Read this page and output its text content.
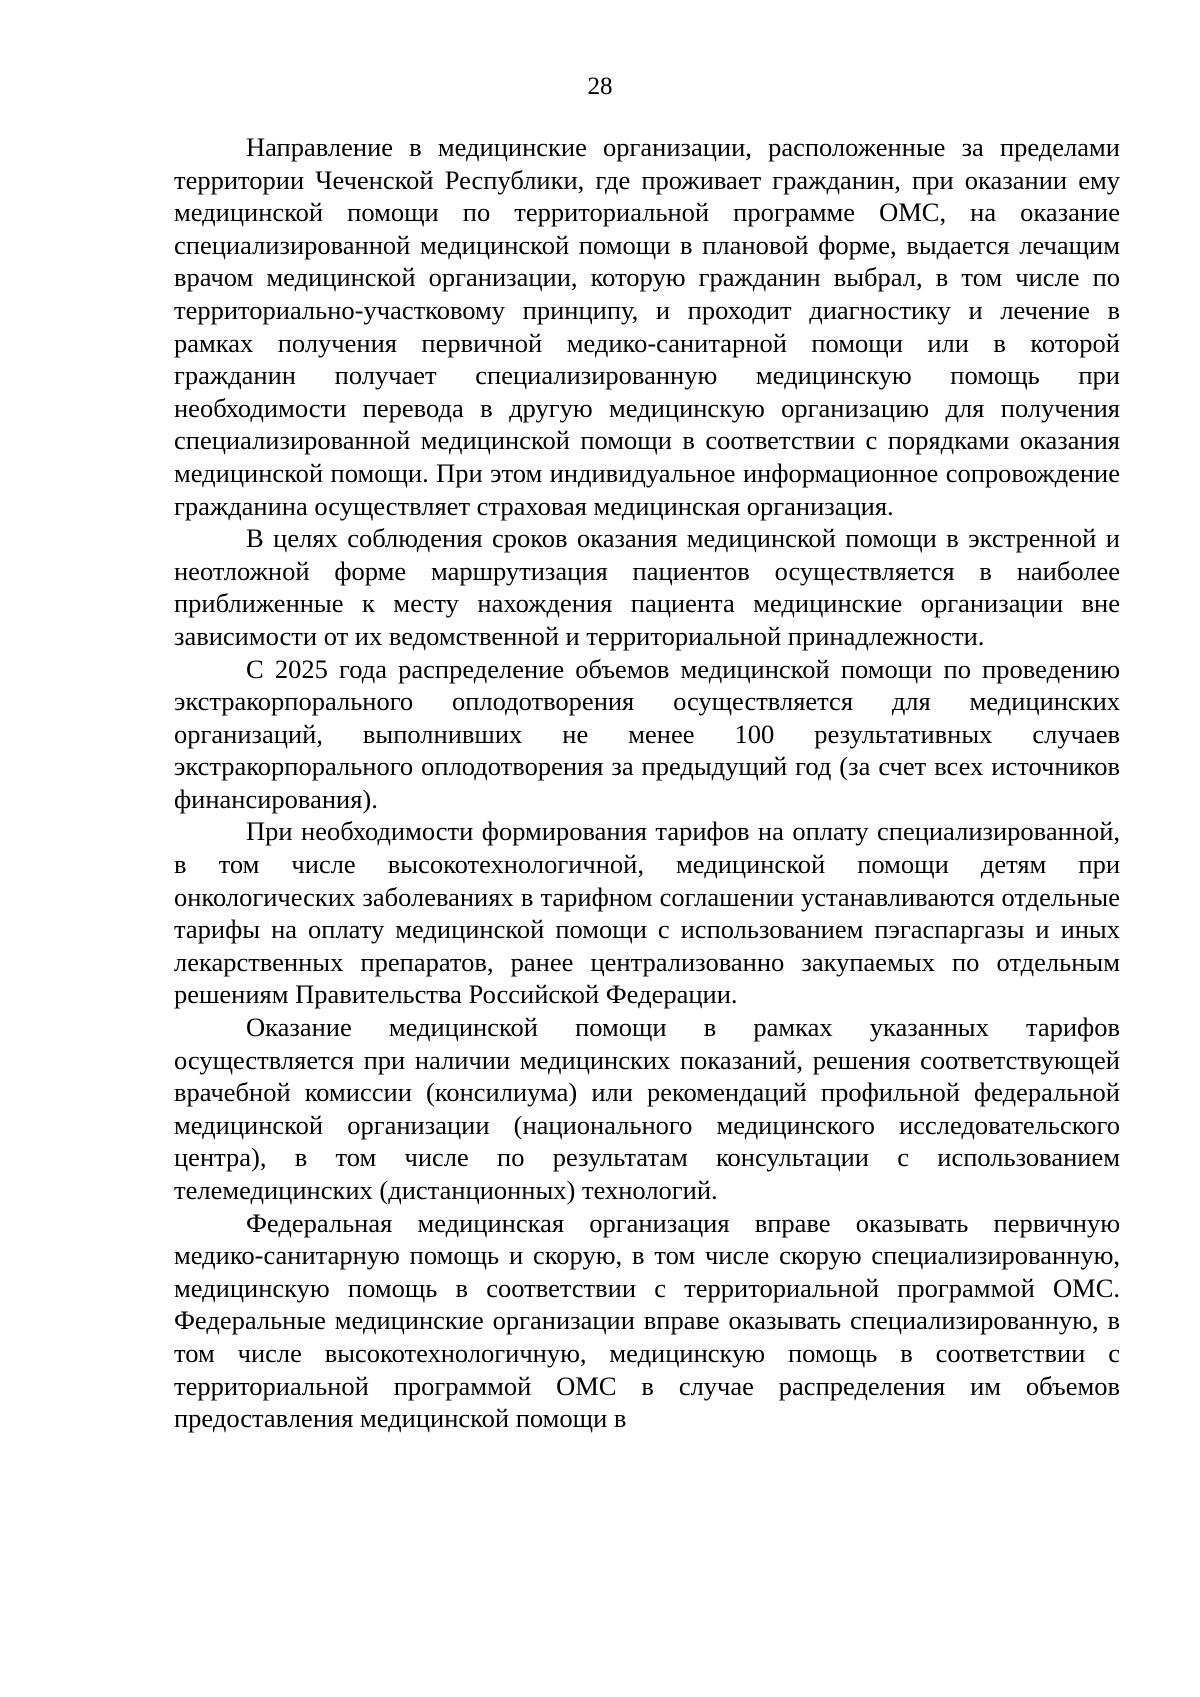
28

Направление в медицинские организации, расположенные за пределами территории Чеченской Республики, где проживает гражданин, при оказании ему медицинской помощи по территориальной программе ОМС, на оказание специализированной медицинской помощи в плановой форме, выдается лечащим врачом медицинской организации, которую гражданин выбрал, в том числе по территориально-участковому принципу, и проходит диагностику и лечение в рамках получения первичной медико-санитарной помощи или в которой гражданин получает специализированную медицинскую помощь при необходимости перевода в другую медицинскую организацию для получения специализированной медицинской помощи в соответствии с порядками оказания медицинской помощи. При этом индивидуальное информационное сопровождение гражданина осуществляет страховая медицинская организация.

В целях соблюдения сроков оказания медицинской помощи в экстренной и неотложной форме маршрутизация пациентов осуществляется в наиболее приближенные к месту нахождения пациента медицинские организации вне зависимости от их ведомственной и территориальной принадлежности.

С 2025 года распределение объемов медицинской помощи по проведению экстракорпорального оплодотворения осуществляется для медицинских организаций, выполнивших не менее 100 результативных случаев экстракорпорального оплодотворения за предыдущий год (за счет всех источников финансирования).

При необходимости формирования тарифов на оплату специализированной, в том числе высокотехнологичной, медицинской помощи детям при онкологических заболеваниях в тарифном соглашении устанавливаются отдельные тарифы на оплату медицинской помощи с использованием пэгаспаргазы и иных лекарственных препаратов, ранее централизованно закупаемых по отдельным решениям Правительства Российской Федерации.

Оказание медицинской помощи в рамках указанных тарифов осуществляется при наличии медицинских показаний, решения соответствующей врачебной комиссии (консилиума) или рекомендаций профильной федеральной медицинской организации (национального медицинского исследовательского центра), в том числе по результатам консультации с использованием телемедицинских (дистанционных) технологий.

Федеральная медицинская организация вправе оказывать первичную медико-санитарную помощь и скорую, в том числе скорую специализированную, медицинскую помощь в соответствии с территориальной программой ОМС. Федеральные медицинские организации вправе оказывать специализированную, в том числе высокотехнологичную, медицинскую помощь в соответствии с территориальной программой ОМС в случае распределения им объемов предоставления медицинской помощи в
